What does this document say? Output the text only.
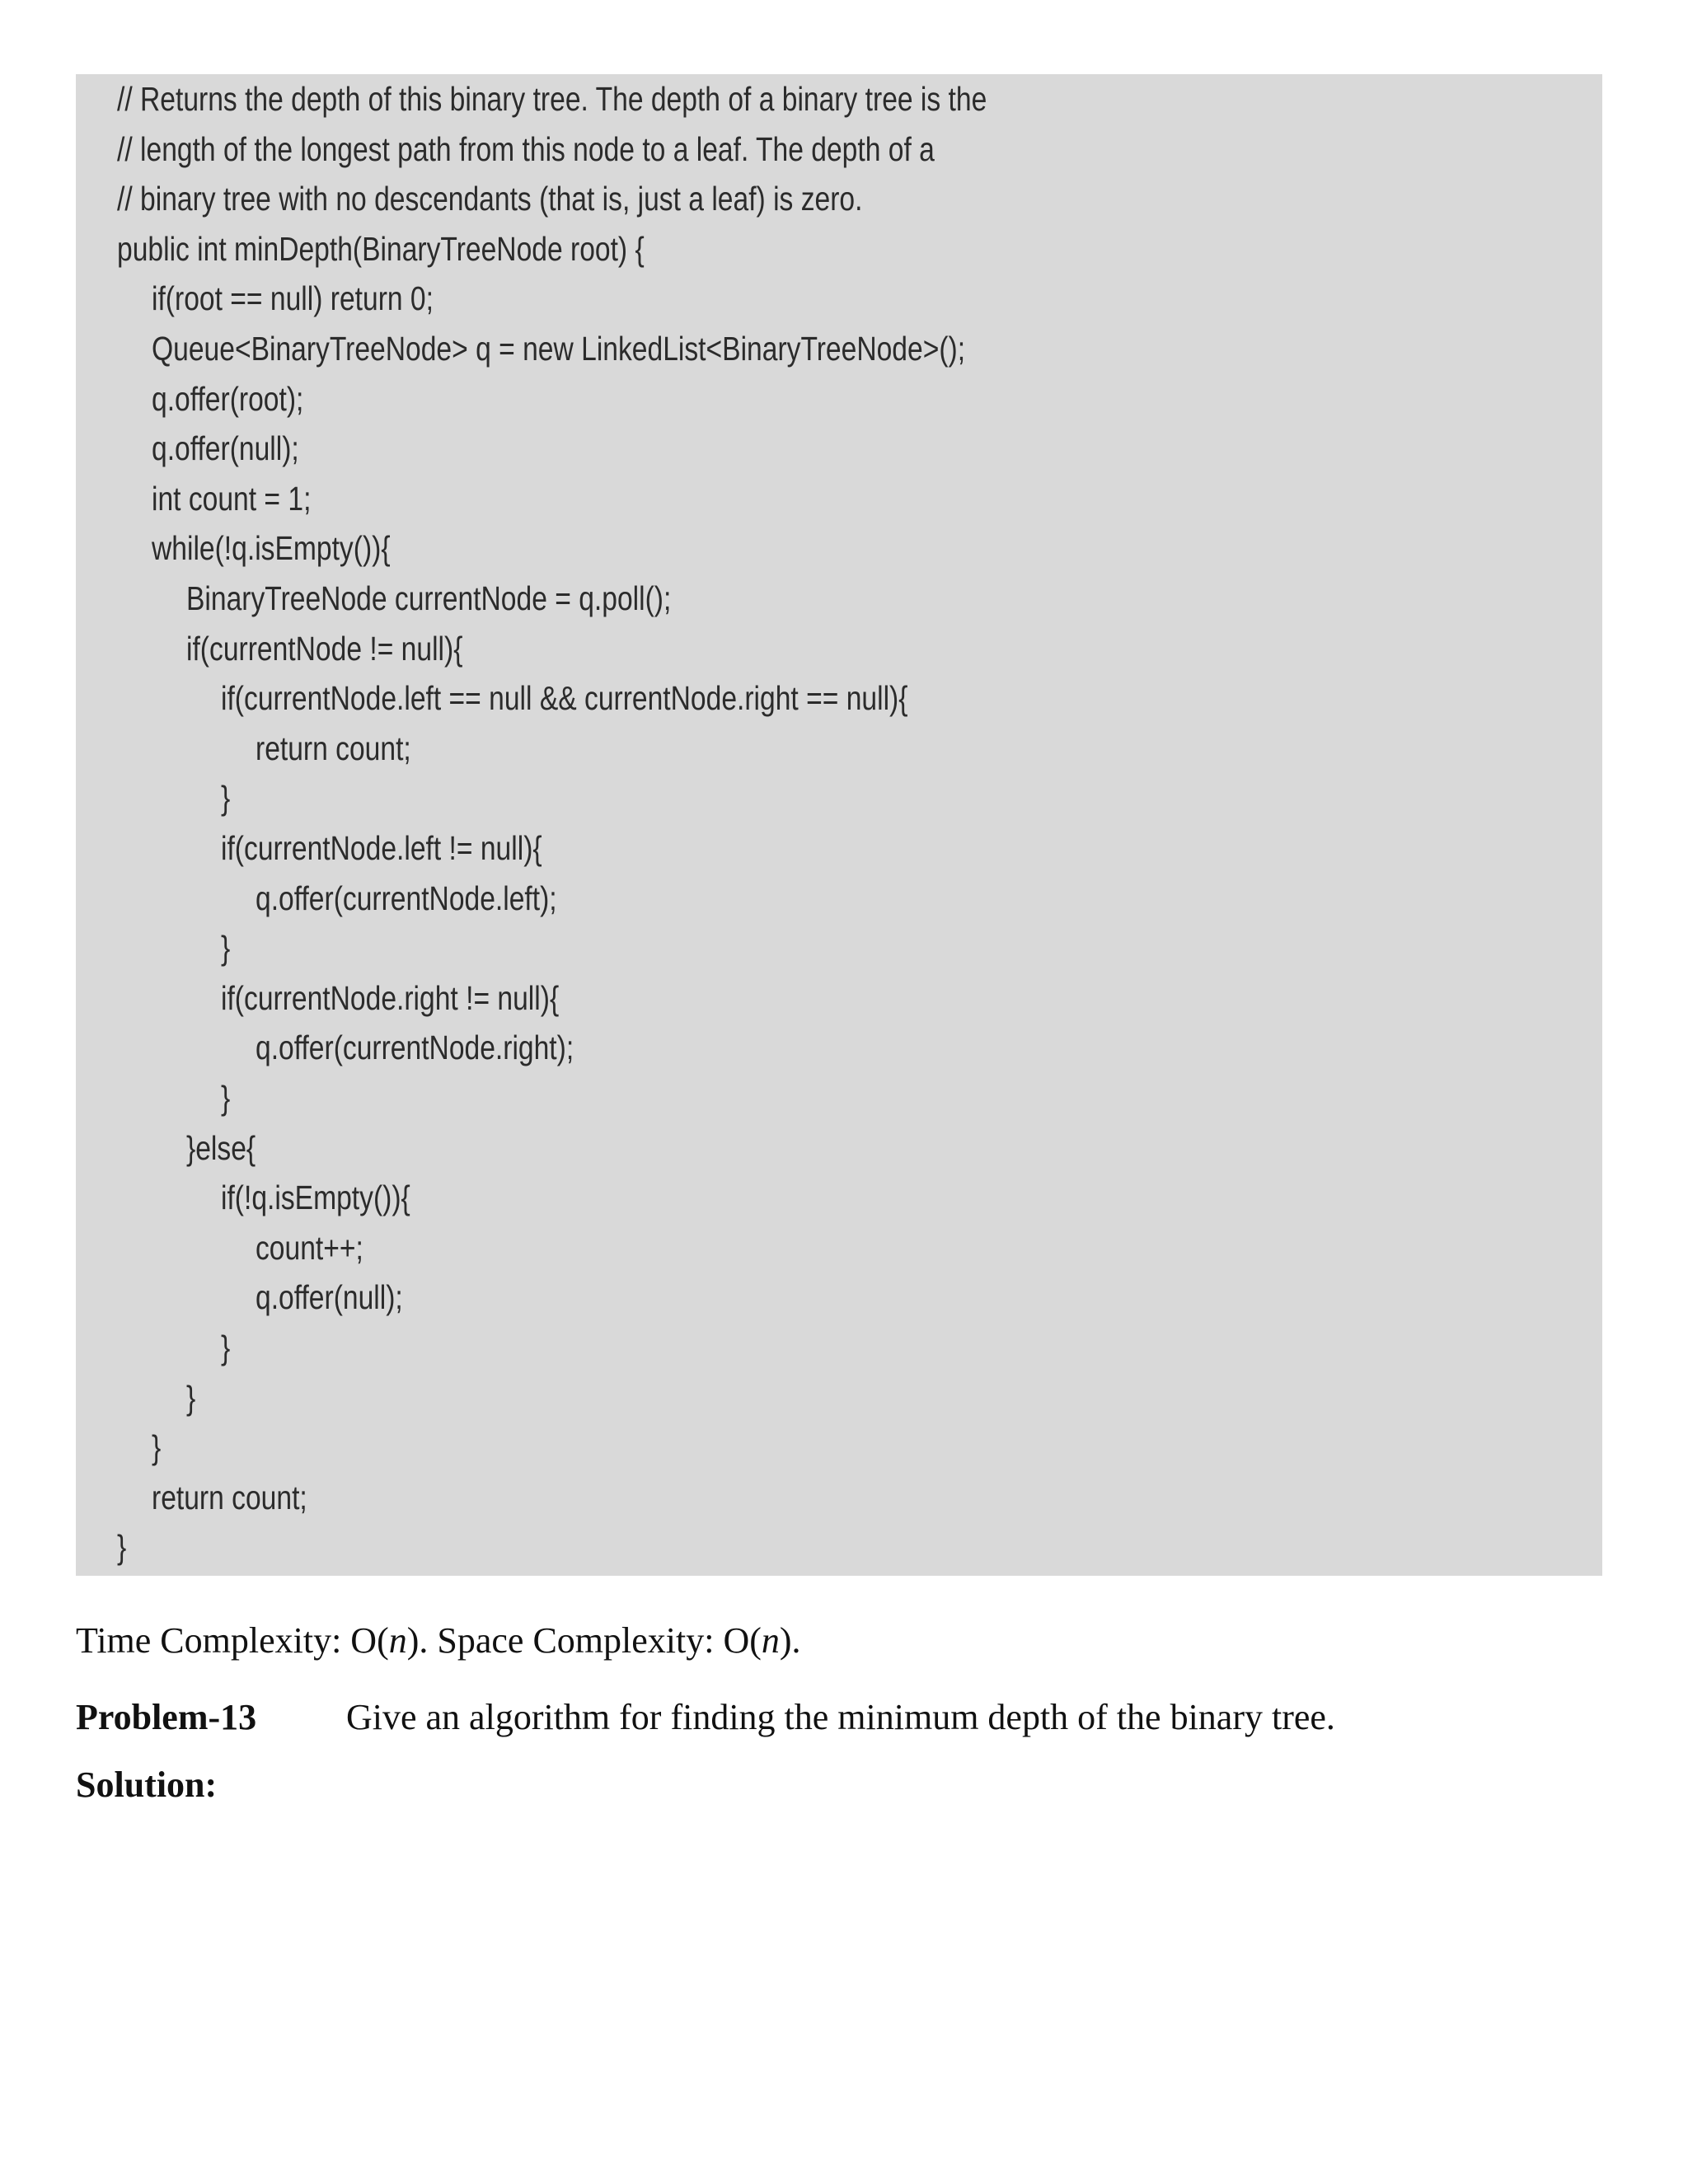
// Returns the depth of this binary tree. The depth of a binary tree is the
// length of the longest path from this node to a leaf. The depth of a
// binary tree with no descendants (that is, just a leaf) is zero.
public int minDepth(BinaryTreeNode root) {
if(root == null) return 0;
Queue<BinaryTreeNode> q = new LinkedList<BinaryTreeNode>();
q.offer(root);
q.offer(null);
int count = 1;
while(!q.isEmpty()){
BinaryTreeNode currentNode = q.poll();
if(currentNode != null){
if(currentNode.left == null && currentNode.right == null){
return count;
}
if(currentNode.left != null){
q.offer(currentNode.left);
}
if(currentNode.right != null){
q.offer(currentNode.right);
}
}else{
if(!q.isEmpty()){
count++;
q.offer(null);
}
}
}
return count;
}
Time Complexity: O(n). Space Complexity: O(n).
Problem-13 Give an algorithm for finding the minimum depth of the binary tree.
Solution:
